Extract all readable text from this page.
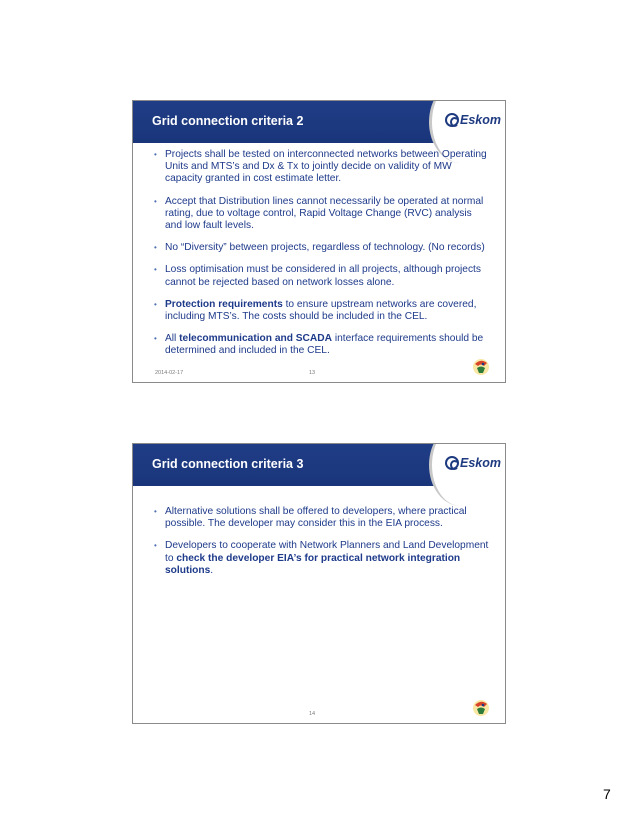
Grid connection criteria 2	Eskom
• Projects shall be tested on interconnected networks between Operating Units and MTS’s and Dx & Tx to jointly decide on validity of MW capacity granted in cost estimate letter.
• Accept that Distribution lines cannot necessarily be operated at normal rating, due to voltage control, Rapid Voltage Change (RVC) analysis and low fault levels.
• No “Diversity” between projects, regardless of technology. (No records)
• Loss optimisation must be considered in all projects, although projects cannot be rejected based on network losses alone.
• Protection requirements to ensure upstream networks are covered, including MTS’s. The costs should be included in the CEL.
• All telecommunication and SCADA interface requirements should be determined and included in the CEL.
2014-02-17	13
Grid connection criteria 3	Eskom
• Alternative solutions shall be offered to developers, where practical possible. The developer may consider this in the EIA process.
• Developers to cooperate with Network Planners and Land Development to check the developer EIA’s for practical network integration solutions.
14
7
